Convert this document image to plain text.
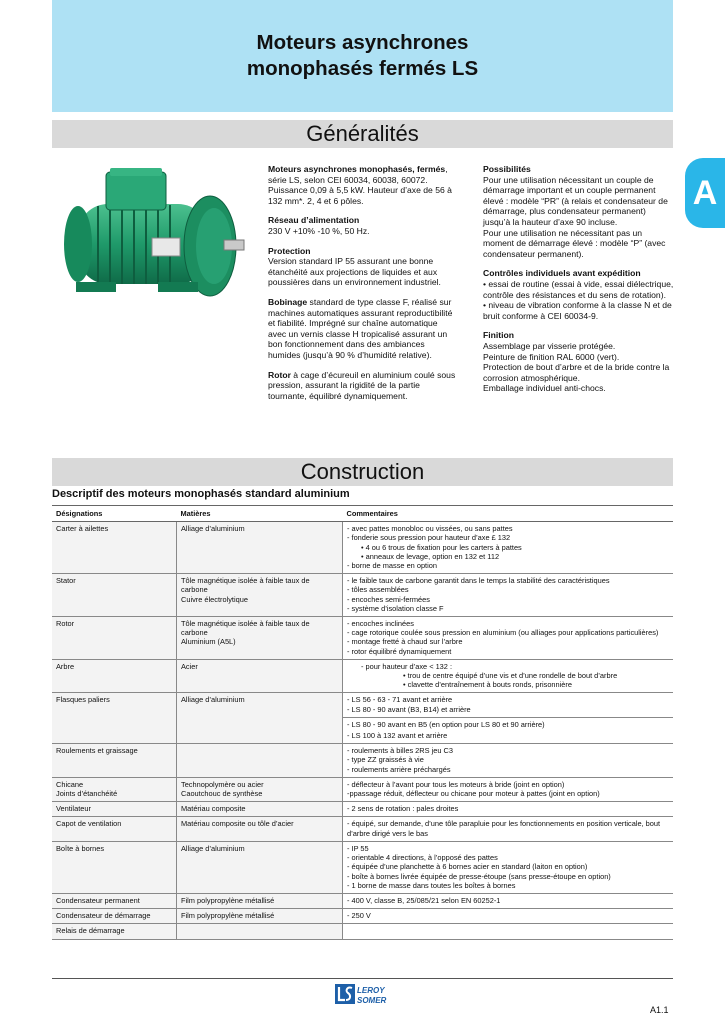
Moteurs asynchrones
monophasés fermés LS
A
Généralités

Moteurs asynchrones monophasés, fermés, série LS, selon CEI 60034, 60038, 60072. Puissance 0,09 à 5,5 kW. Hauteur d’axe de 56 à 132 mm*. 2, 4 et 6 pôles.

Réseau d’alimentation
230 V +10% -10 %, 50 Hz.

Protection
Version standard IP 55 assurant une bonne étanchéité aux projections de liquides et aux poussières dans un environnement industriel.

Bobinage standard de type classe F, réalisé sur machines automatiques assurant reproductibilité et fiabilité. Imprégné sur chaîne automatique avec un vernis classe H tropicalisé assurant un bon fonctionnement dans des ambiances humides (jusqu’à 90 % d’humidité relative).

Rotor à cage d’écureuil en aluminium coulé sous pression, assurant la rigidité de la partie tournante, équilibré dynamiquement.

Possibilités
Pour une utilisation nécessitant un couple de démarrage important et un couple permanent élevé : modèle “PR” (à relais et condensateur de démarrage, plus condensateur permanent) jusqu’à la hauteur d’axe 90 incluse.
Pour une utilisation ne nécessitant pas un moment de démarrage élevé : modèle “P” (avec condensateur permanent).

Contrôles individuels avant expédition
• essai de routine (essai à vide, essai diélectrique, contrôle des résistances et du sens de rotation).
• niveau de vibration conforme à la classe N et de bruit conforme à CEI 60034-9.

Finition
Assemblage par visserie protégée.
Peinture de finition RAL 6000 (vert).
Protection de bout d’arbre et de la bride contre la corrosion atmosphérique.
Emballage individuel anti-chocs.

Construction
Descriptif des moteurs monophasés standard aluminium
Désignations	Matières	Commentaires

Carter à ailettes	Alliage d’aluminium	- avec pattes monobloc ou vissées, ou sans pattes
- fonderie sous pression pour hauteur d’axe £ 132
• 4 ou 6 trous de fixation pour les carters à pattes
• anneaux de levage, option en 132 et 112
- borne de masse en option

Stator	Tôle magnétique isolée à faible taux de carbone
Cuivre électrolytique	- le faible taux de carbone garantit dans le temps la stabilité des caractéristiques
- tôles assemblées
- encoches semi-fermées
- système d’isolation classe F

Rotor	Tôle magnétique isolée à faible taux de carbone
Aluminium (A5L)	- encoches inclinées
- cage rotorique coulée sous pression en aluminium (ou alliages pour applications particulières)
- montage fretté à chaud sur l’arbre
- rotor équilibré dynamiquement

Arbre	Acier	- pour hauteur d’axe < 132 :
• trou de centre équipé d’une vis et d’une rondelle de bout d’arbre
• clavette d’entraînement à bouts ronds, prisonnière

Flasques paliers	Alliage d’aluminium	- LS 56 - 63 - 71 avant et arrière
- LS 80 - 90 avant (B3, B14) et arrière
- LS 80 - 90 avant en B5 (en option pour LS 80 et 90 arrière)
- LS 100 à 132 avant et arrière

Roulements et graissage		- roulements à billes 2RS jeu C3
- type ZZ graissés à vie
- roulements arrière préchargés

Chicane
Joints d’étanchéité	Technopolymère ou acier
Caoutchouc de synthèse	- déflecteur à l’avant pour tous les moteurs à bride (joint en option)
-ppassage réduit, déflecteur ou chicane pour moteur à pattes (joint en option)

Ventilateur	Matériau composite	- 2 sens de rotation : pales droites

Capot de ventilation	Matériau composite ou tôle d’acier	- équipé, sur demande, d’une tôle parapluie pour les fonctionnements en position verticale, bout d’arbre dirigé vers le bas

Boîte à bornes	Alliage d’aluminium	- IP 55
- orientable 4 directions, à l’opposé des pattes
- équipée d’une planchette à 6 bornes acier en standard (laiton en option)
- boîte à bornes livrée équipée de presse-étoupe (sans presse-étoupe en option)
- 1 borne de masse dans toutes les boîtes à bornes

Condensateur permanent	Film polypropylène métallisé	- 400 V, classe B, 25/085/21 selon EN 60252-1

Condensateur de démarrage	Film polypropylène métallisé	- 250 V

Relais de démarrage		

LEROY
SOMER
A1.1
